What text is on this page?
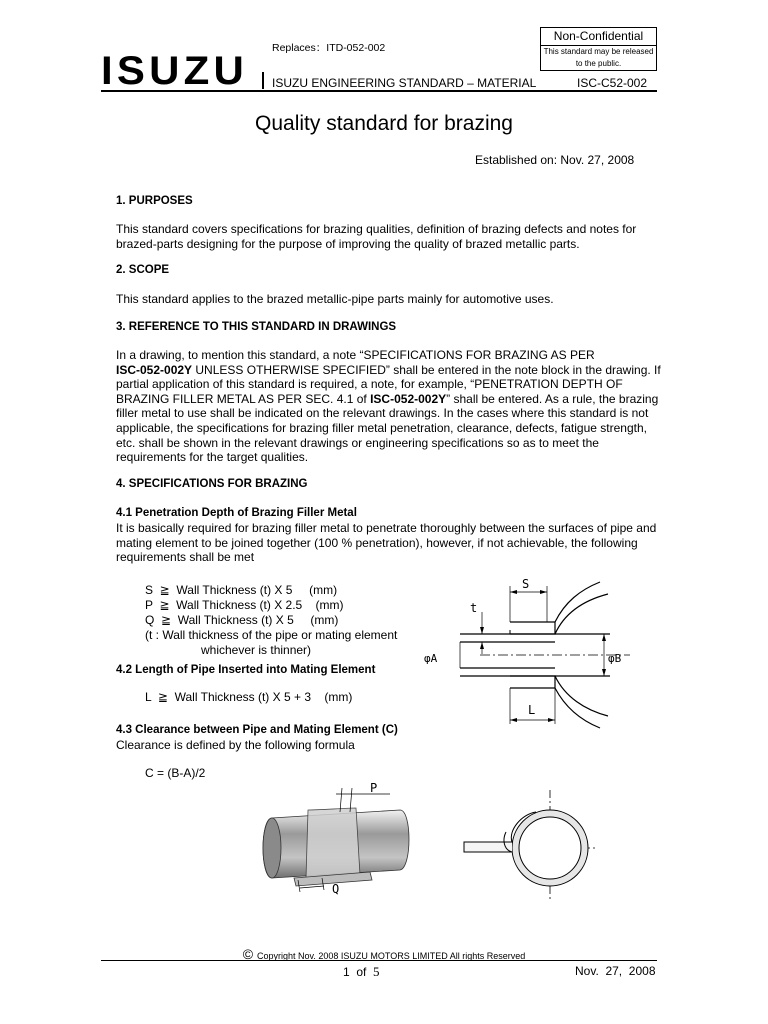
Replaces：ITD-052-002
Non-Confidential
This standard may be released
to the public.
ISUZU ISUZU ENGINEERING STANDARD – MATERIAL	ISC-C52-002
Quality standard for brazing
Established on: Nov. 27, 2008
1. PURPOSES
This standard covers specifications for brazing qualities, definition of brazing defects and notes for
brazed-parts designing for the purpose of improving the quality of brazed metallic parts.
2. SCOPE
This standard applies to the brazed metallic-pipe parts mainly for automotive uses.
3. REFERENCE TO THIS STANDARD IN DRAWINGS
In a drawing, to mention this standard, a note “SPECIFICATIONS FOR BRAZING AS PER
ISC-052-002Y UNLESS OTHERWISE SPECIFIED” shall be entered in the note block in the drawing. If
partial application of this standard is required, a note, for example, “PENETRATION DEPTH OF
BRAZING FILLER METAL AS PER SEC. 4.1 of ISC-052-002Y” shall be entered. As a rule, the brazing
filler metal to use shall be indicated on the relevant drawings. In the cases where this standard is not
applicable, the specifications for brazing filler metal penetration, clearance, defects, fatigue strength,
etc. shall be shown in the relevant drawings or engineering specifications so as to meet the
requirements for the target qualities.
4. SPECIFICATIONS FOR BRAZING
4.1 Penetration Depth of Brazing Filler Metal
It is basically required for brazing filler metal to penetrate thoroughly between the surfaces of pipe and
mating element to be joined together (100 % penetration), however, if not achievable, the following
requirements shall be met
S  ≧  Wall Thickness (t) X 5     (mm)
P  ≧  Wall Thickness (t) X 2.5    (mm)
Q  ≧  Wall Thickness (t) X 5     (mm)
(t : Wall thickness of the pipe or mating element
whichever is thinner)
4.2 Length of Pipe Inserted into Mating Element
L  ≧  Wall Thickness (t) X 5 + 3    (mm)
4.3 Clearance between Pipe and Mating Element (C)
Clearance is defined by the following formula
C = (B-A)/2
S
t
φA	φB
L
P
Q
© Copyright Nov. 2008 ISUZU MOTORS LIMITED All rights Reserved
1 of 5	Nov.  27,  2008
